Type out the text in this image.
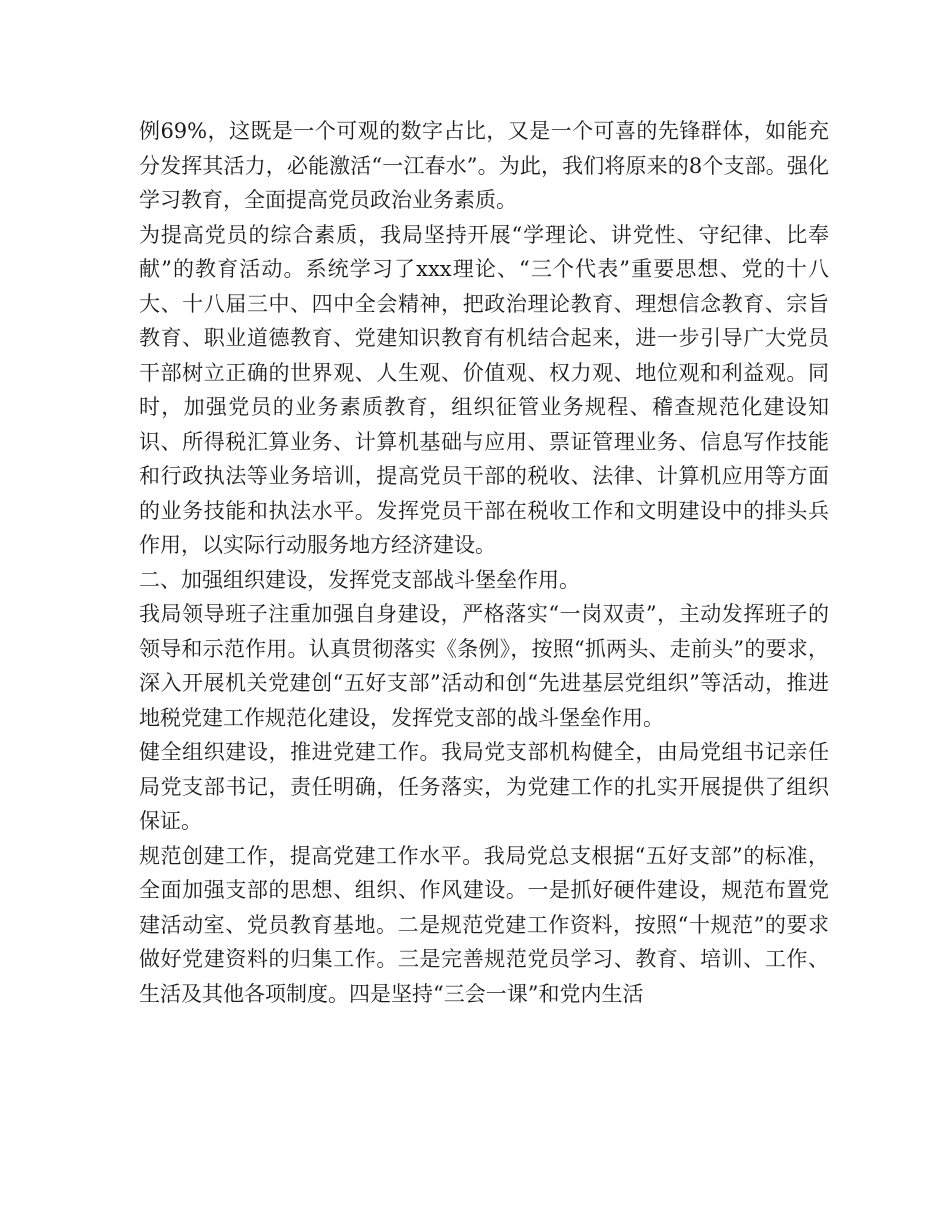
例69%，这既是一个可观的数字占比，又是一个可喜的先锋群体，如能充分发挥其活力，必能激活“一江春水”。为此，我们将原来的8个支部。强化学习教育，全面提高党员政治业务素质。

为提高党员的综合素质，我局坚持开展“学理论、讲党性、守纪律、比奉献”的教育活动。系统学习了xxx理论、“三个代表”重要思想、党的十八大、十八届三中、四中全会精神，把政治理论教育、理想信念教育、宗旨教育、职业道德教育、党建知识教育有机结合起来，进一步引导广大党员干部树立正确的世界观、人生观、价值观、权力观、地位观和利益观。同时，加强党员的业务素质教育，组织征管业务规程、稽查规范化建设知识、所得税汇算业务、计算机基础与应用、票证管理业务、信息写作技能和行政执法等业务培训，提高党员干部的税收、法律、计算机应用等方面的业务技能和执法水平。发挥党员干部在税收工作和文明建设中的排头兵作用，以实际行动服务地方经济建设。

二、加强组织建设，发挥党支部战斗堡垒作用。

我局领导班子注重加强自身建设，严格落实“一岗双责”，主动发挥班子的领导和示范作用。认真贯彻落实《条例》，按照“抓两头、走前头”的要求，深入开展机关党建创“五好支部”活动和创“先进基层党组织”等活动，推进地税党建工作规范化建设，发挥党支部的战斗堡垒作用。

健全组织建设，推进党建工作。我局党支部机构健全，由局党组书记亲任局党支部书记，责任明确，任务落实，为党建工作的扎实开展提供了组织保证。

规范创建工作，提高党建工作水平。我局党总支根据“五好支部”的标准，全面加强支部的思想、组织、作风建设。一是抓好硬件建设，规范布置党建活动室、党员教育基地。二是规范党建工作资料，按照“十规范”的要求做好党建资料的归集工作。三是完善规范党员学习、教育、培训、工作、生活及其他各项制度。四是坚持“三会一课”和党内生活
